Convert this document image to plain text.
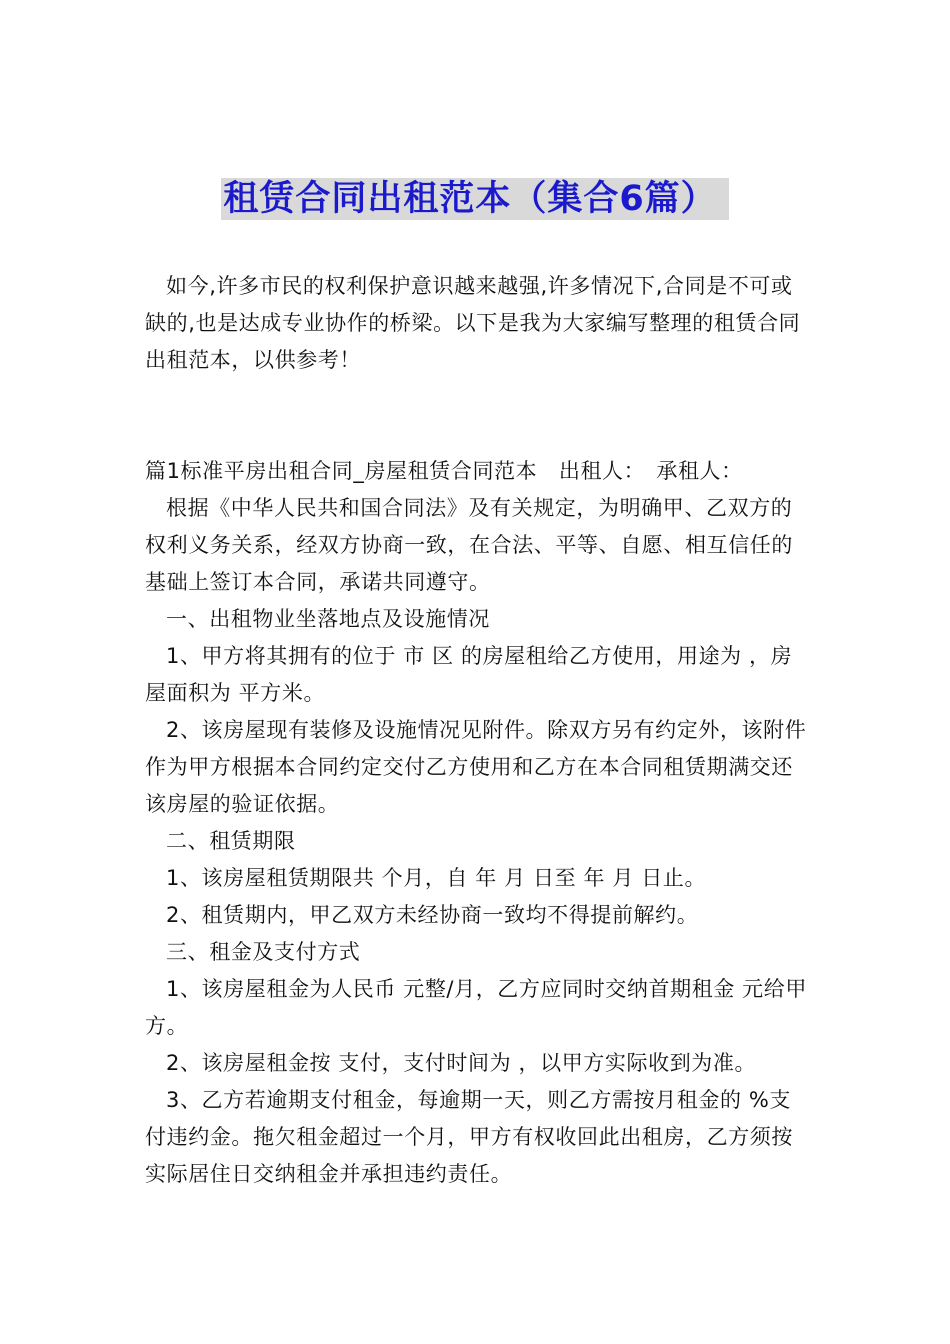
租赁合同出租范本（集合6篇）

如今,许多市民的权利保护意识越来越强,许多情况下,合同是不可或缺的,也是达成专业协作的桥梁。以下是我为大家编写整理的租赁合同出租范本，以供参考！

篇1标准平房出租合同_房屋租赁合同范本　出租人：　承租人：

根据《中华人民共和国合同法》及有关规定，为明确甲、乙双方的权利义务关系，经双方协商一致，在合法、平等、自愿、相互信任的基础上签订本合同，承诺共同遵守。

一、出租物业坐落地点及设施情况

1、甲方将其拥有的位于 市 区 的房屋租给乙方使用，用途为 ，房屋面积为 平方米。

2、该房屋现有装修及设施情况见附件。除双方另有约定外，该附件作为甲方根据本合同约定交付乙方使用和乙方在本合同租赁期满交还该房屋的验证依据。

二、租赁期限

1、该房屋租赁期限共 个月，自 年 月 日至 年 月 日止。

2、租赁期内，甲乙双方未经协商一致均不得提前解约。

三、租金及支付方式

1、该房屋租金为人民币 元整/月，乙方应同时交纳首期租金 元给甲方。

2、该房屋租金按 支付，支付时间为 ，以甲方实际收到为准。

3、乙方若逾期支付租金，每逾期一天，则乙方需按月租金的 %支付违约金。拖欠租金超过一个月，甲方有权收回此出租房，乙方须按实际居住日交纳租金并承担违约责任。
